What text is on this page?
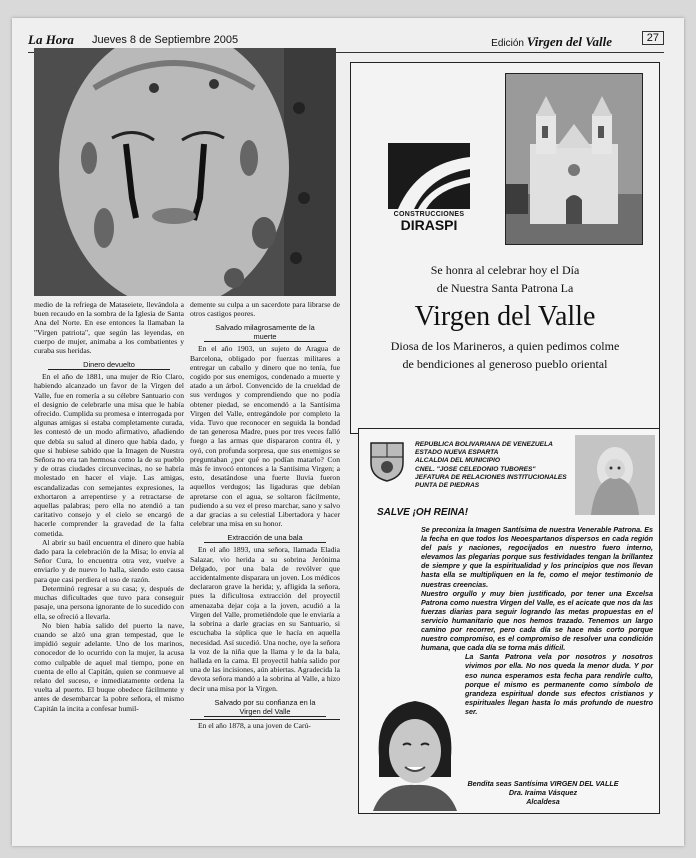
La Hora Jueves 8 de Septiembre 2005	Edición Virgen del Valle	27

medio de la refriega de Mataseiete, llevándola a buen recaudo en la sombra de la Iglesia de Santa Ana del Norte. En ese entonces la llamaban la "Virgen patriota", que según las leyendas, en cuerpo de mujer, animaba a los combatientes y curaba sus heridas.

Dinero devuelto

En el año de 1881, una mujer de Río Claro, habiendo alcanzado un favor de la Virgen del Valle, fue en romería a su célebre Santuario con el designio de celebrarle una misa que le había ofrecido. Cumplida su promesa e interrogada por algunas amigas si estaba completamente curada, les contestó de un modo afirmativo, añadiendo que debía su salud al dinero que había dado, y que si hubiese sabido que la Imagen de Nuestra Señora no era tan hermosa como la de su pueblo y de otras ciudades circunvecinas, no se habría molestado en hacer el viaje. Las amigas, escandalizadas con semejantes expresiones, la exhortaron a arrepentirse y a retractarse de aquellas palabras; pero ella no atendió a tan caritativo consejo y el cielo se encargó de hacerle comprender la gravedad de la falta cometida.

Al abrir su baúl encuentra el dinero que había dado para la celebración de la Misa; lo envía al Señor Cura, lo encuentra otra vez, vuelve a enviarlo y de nuevo lo halla, siendo esto causa para que casi perdiera el uso de razón.

Determinó regresar a su casa; y, después de muchas dificultades que tuvo para conseguir pasaje, una persona ignorante de lo sucedido con ella, se ofreció a llevarla.

No bien había salido del puerto la nave, cuando se alzó una gran tempestad, que le impidió seguir adelante. Uno de los marinos, conocedor de lo ocurrido con la mujer, la acusa como culpable de aquel mal tiempo, pone en cuenta de ello al Capitán, quien se conmueve al relato del suceso, e inmediatamente ordena la vuelta al puerto. El buque obedece fácilmente y antes de desembarcar la pobre señora, el mismo Capitán la incita a confesar humil-

demente su culpa a un sacerdote para librarse de otros castigos peores.

Salvado milagrosamente de la muerte

En el año 1903, un sujeto de Aragua de Barcelona, obligado por fuerzas militares a entregar un caballo y dinero que no tenía, fue cogido por sus enemigos, condenado a muerte y atado a un árbol. Convencido de la crueldad de sus verdugos y comprendiendo que no podía obtener piedad, se encomendó a la Santísima Virgen del Valle, entregándole por completo la vida. Tuvo que reconocer en seguida la bondad de tan generosa Madre, pues por tres veces falló fuego a las armas que dispararon contra él, y oyó, con profunda sorpresa, que sus enemigos se preguntaban ¿por qué no podían matarlo? Con más fe invocó entonces a la Santísima Virgen; a esto, desatándose una fuerte lluvia fueron aquellos verdugos; las ligaduras que debían apretarse con el agua, se soltaron fácilmente, pudiendo a su vez el preso marchar, sano y salvo a dar gracias a su celestial Libertadora y hacer celebrar una misa en su honor.

Extracción de una bala

En el año 1893, una señora, llamada Eladia Salazar, vio herida a su sobrina Jerónima Delgado, por una bala de revólver que accidentalmente disparara un joven. Los médicos declararon grave la herida; y, afligida la señora, pues la dificultosa extracción del proyectil amenazaba dejar coja a la joven, acudió a la Virgen del Valle, prometiéndole que le enviaría a la sobrina a darle gracias en su Santuario, si escuchaba la súplica que le hacía en aquella necesidad. Así sucedió. Una noche, oye la señora la voz de la niña que la llama y le da la bala, hallada en la cama. El proyectil había salido por una de las incisiones, aún abiertas. Agradecida la devota señora mandó a la sobrina al Valle, a hizo decir una misa por la Virgen.

Salvado por su confianza en la Virgen del Valle

En el año 1878, a una joven de Carú-

CONSTRUCCIONES
DIRASPI
Se honra al celebrar hoy el Día
de Nuestra Santa Patrona La
Virgen del Valle
Diosa de los Marineros, a quien pedimos colme
de bendiciones al generoso pueblo oriental
REPUBLICA BOLIVARIANA DE VENEZUELA
ESTADO NUEVA ESPARTA
ALCALDIA DEL MUNICIPIO
CNEL. "JOSE CELEDONIO TUBORES"
JEFATURA DE RELACIONES INSTITUCIONALES
PUNTA DE PIEDRAS
SALVE ¡OH REINA!

Se preconiza la Imagen Santísima de nuestra Venerable Patrona. Es la fecha en que todos los Neoespartanos dispersos en cada región del país y naciones, regocijados en nuestro fuero interno, elevamos las plegarias porque sus festividades tengan la brillantez de siempre y que la espiritualidad y los principios que nos llevan hasta ella se multipliquen en la fe, como el mejor testimonio de nuestras creencias.

Nuestro orgullo y muy bien justificado, por tener una Excelsa Patrona como nuestra Virgen del Valle, es el acicate que nos da las fuerzas diarias para seguir logrando las metas propuestas en el servicio humanitario que nos hemos trazado. Tenemos un largo camino por recorrer, pero cada día se hace más corto porque nuestro compromiso, es el compromiso de resolver una condición humana, que cada día se torna más difícil.

La Santa Patrona vela por nosotros y nosotros vivimos por ella. No nos queda la menor duda. Y por eso nunca esperamos esta fecha para rendirle culto, porque el mismo es permanente como símbolo de grandeza espiritual donde sus efectos cristianos y espirituales llegan hasta lo más profundo de nuestro ser.

Bendita seas Santísima VIRGEN DEL VALLE
Dra. Iraima Vásquez
Alcaldesa
